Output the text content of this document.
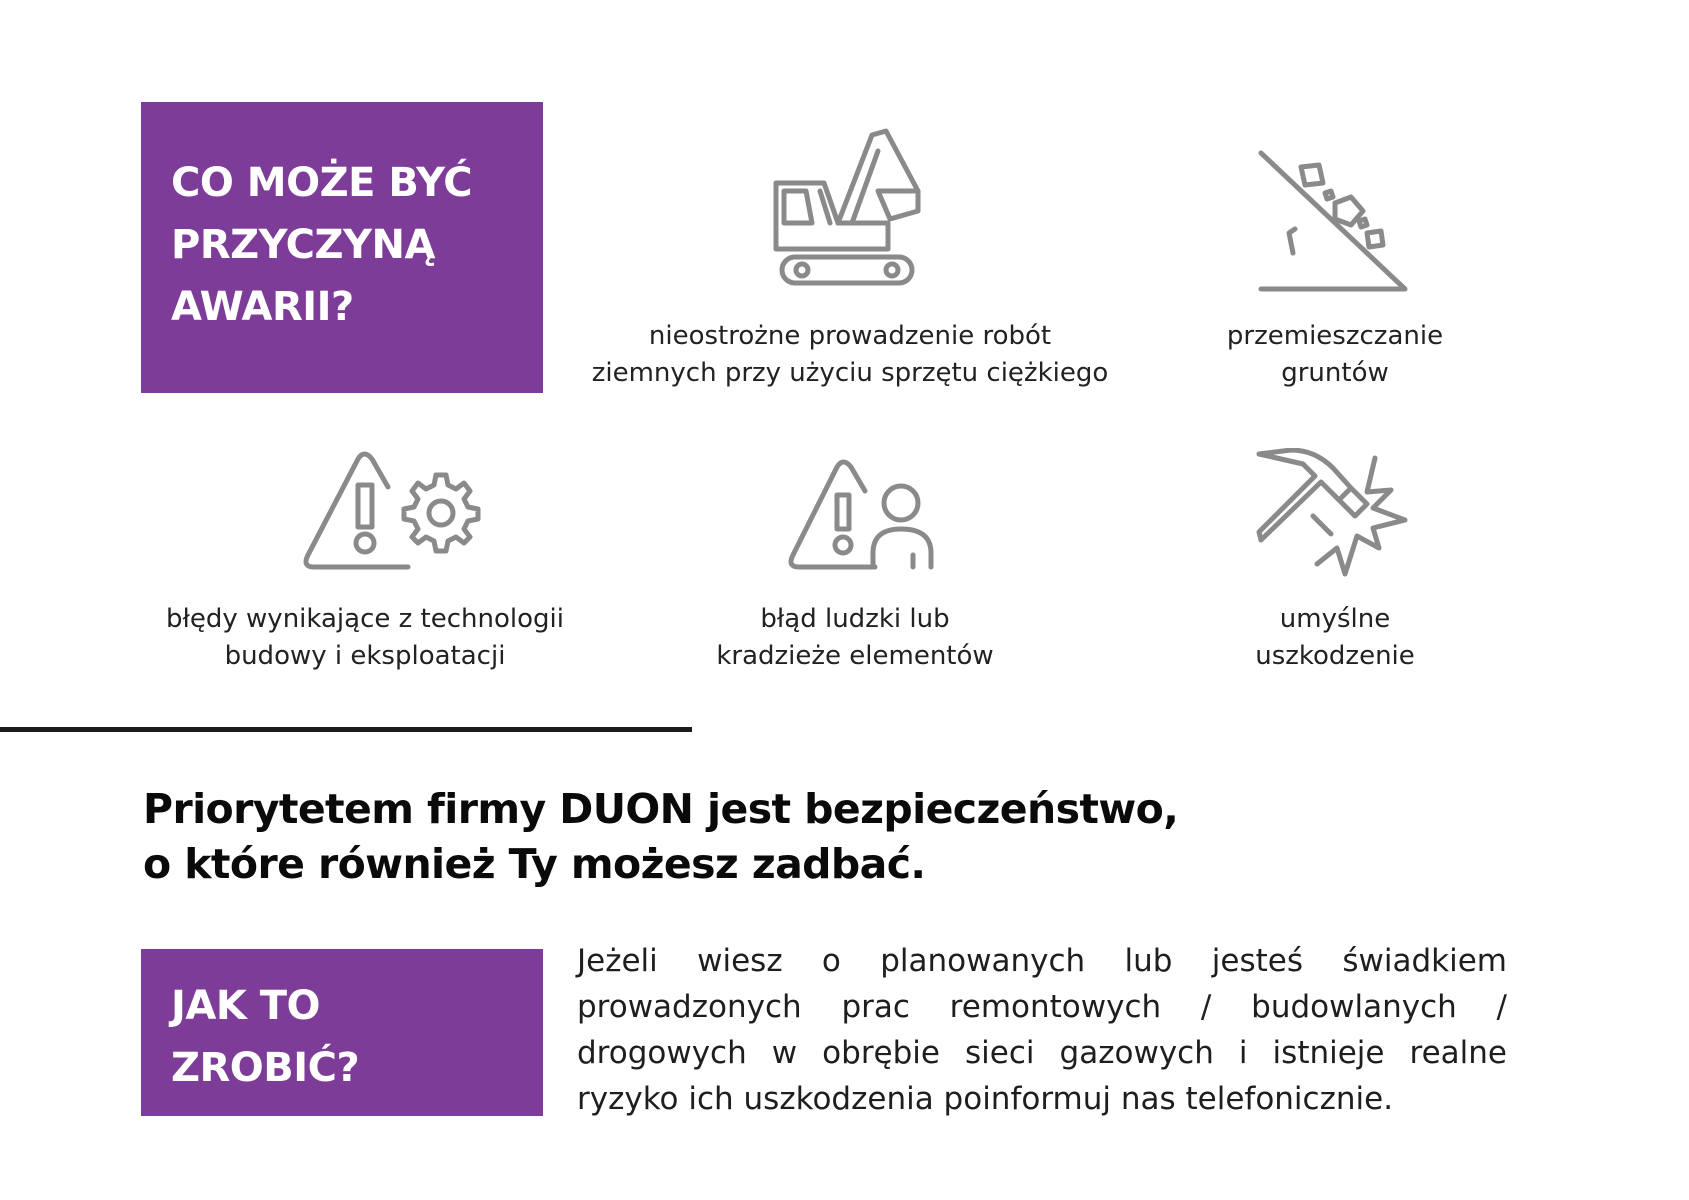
CO MOŻE BYĆ
PRZYCZYNĄ
AWARII?
nieostrożne prowadzenie robót
ziemnych przy użyciu sprzętu ciężkiego
przemieszczanie
gruntów
błędy wynikające z technologii
budowy i eksploatacji
błąd ludzki lub
kradzieże elementów
umyślne
uszkodzenie
Priorytetem firmy DUON jest bezpieczeństwo,
o które również Ty możesz zadbać.
JAK TO
ZROBIĆ?
Jeżeli wiesz o planowanych lub jesteś świadkiem
prowadzonych prac remontowych / budowlanych /
drogowych w obrębie sieci gazowych i istnieje realne
ryzyko ich uszkodzenia poinformuj nas telefonicznie.
